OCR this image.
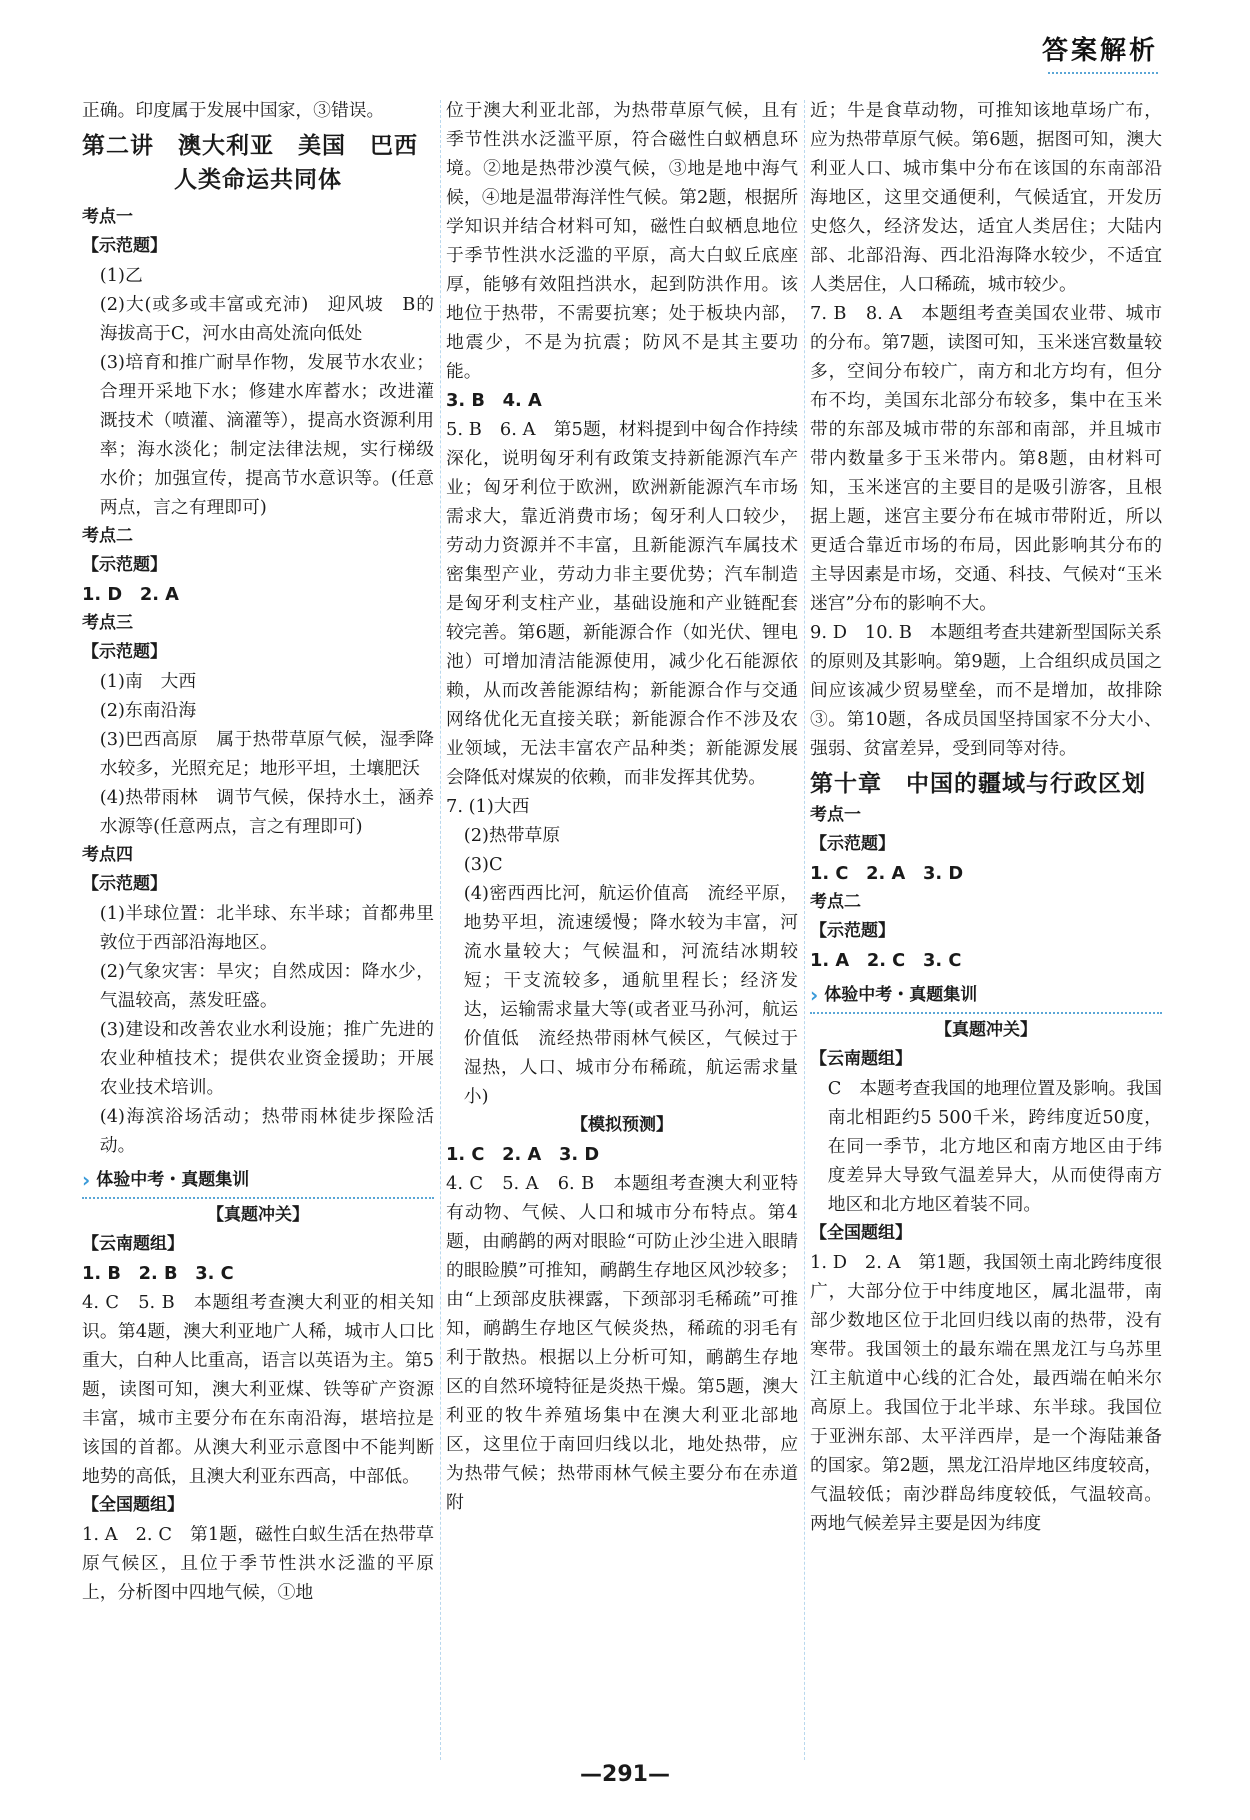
答案解析

正确。印度属于发展中国家，③错误。

第二讲　澳大利亚　美国　巴西

人类命运共同体

考点一

【示范题】

(1)乙

(2)大(或多或丰富或充沛)　迎风坡　B的海拔高于C，河水由高处流向低处

(3)培育和推广耐旱作物，发展节水农业；合理开采地下水；修建水库蓄水；改进灌溉技术（喷灌、滴灌等），提高水资源利用率；海水淡化；制定法律法规，实行梯级水价；加强宣传，提高节水意识等。(任意两点，言之有理即可)

考点二

【示范题】

1. D　2. A

考点三

【示范题】

(1)南　大西

(2)东南沿海

(3)巴西高原　属于热带草原气候，湿季降水较多，光照充足；地形平坦，土壤肥沃

(4)热带雨林　调节气候，保持水土，涵养水源等(任意两点，言之有理即可)

考点四

【示范题】

(1)半球位置：北半球、东半球；首都弗里敦位于西部沿海地区。

(2)气象灾害：旱灾；自然成因：降水少，气温较高，蒸发旺盛。

(3)建设和改善农业水利设施；推广先进的农业种植技术；提供农业资金援助；开展农业技术培训。

(4)海滨浴场活动；热带雨林徒步探险活动。

› 体验中考・真题集训

【真题冲关】

【云南题组】

1. B　2. B　3. C

4. C　5. B　本题组考查澳大利亚的相关知识。第4题，澳大利亚地广人稀，城市人口比重大，白种人比重高，语言以英语为主。第5题，读图可知，澳大利亚煤、铁等矿产资源丰富，城市主要分布在东南沿海，堪培拉是该国的首都。从澳大利亚示意图中不能判断地势的高低，且澳大利亚东西高，中部低。

【全国题组】

1. A　2. C　第1题，磁性白蚁生活在热带草原气候区，且位于季节性洪水泛滥的平原上，分析图中四地气候，①地

位于澳大利亚北部，为热带草原气候，且有季节性洪水泛滥平原，符合磁性白蚁栖息环境。②地是热带沙漠气候，③地是地中海气候，④地是温带海洋性气候。第2题，根据所学知识并结合材料可知，磁性白蚁栖息地位于季节性洪水泛滥的平原，高大白蚁丘底座厚，能够有效阻挡洪水，起到防洪作用。该地位于热带，不需要抗寒；处于板块内部，地震少，不是为抗震；防风不是其主要功能。

3. B　4. A

5. B　6. A　第5题，材料提到中匈合作持续深化，说明匈牙利有政策支持新能源汽车产业；匈牙利位于欧洲，欧洲新能源汽车市场需求大，靠近消费市场；匈牙利人口较少，劳动力资源并不丰富，且新能源汽车属技术密集型产业，劳动力非主要优势；汽车制造是匈牙利支柱产业，基础设施和产业链配套较完善。第6题，新能源合作（如光伏、锂电池）可增加清洁能源使用，减少化石能源依赖，从而改善能源结构；新能源合作与交通网络优化无直接关联；新能源合作不涉及农业领域，无法丰富农产品种类；新能源发展会降低对煤炭的依赖，而非发挥其优势。

7. (1)大西

(2)热带草原

(3)C

(4)密西西比河，航运价值高　流经平原，地势平坦，流速缓慢；降水较为丰富，河流水量较大；气候温和，河流结冰期较短；干支流较多，通航里程长；经济发达，运输需求量大等(或者亚马孙河，航运价值低　流经热带雨林气候区，气候过于湿热，人口、城市分布稀疏，航运需求量小)

【模拟预测】

1. C　2. A　3. D

4. C　5. A　6. B　本题组考查澳大利亚特有动物、气候、人口和城市分布特点。第4题，由鸸鹋的两对眼睑“可防止沙尘进入眼睛的眼睑膜”可推知，鸸鹋生存地区风沙较多；由“上颈部皮肤裸露，下颈部羽毛稀疏”可推知，鸸鹋生存地区气候炎热，稀疏的羽毛有利于散热。根据以上分析可知，鸸鹋生存地区的自然环境特征是炎热干燥。第5题，澳大利亚的牧牛养殖场集中在澳大利亚北部地区，这里位于南回归线以北，地处热带，应为热带气候；热带雨林气候主要分布在赤道附

近；牛是食草动物，可推知该地草场广布，应为热带草原气候。第6题，据图可知，澳大利亚人口、城市集中分布在该国的东南部沿海地区，这里交通便利，气候适宜，开发历史悠久，经济发达，适宜人类居住；大陆内部、北部沿海、西北沿海降水较少，不适宜人类居住，人口稀疏，城市较少。

7. B　8. A　本题组考查美国农业带、城市的分布。第7题，读图可知，玉米迷宫数量较多，空间分布较广，南方和北方均有，但分布不均，美国东北部分布较多，集中在玉米带的东部及城市带的东部和南部，并且城市带内数量多于玉米带内。第8题，由材料可知，玉米迷宫的主要目的是吸引游客，且根据上题，迷宫主要分布在城市带附近，所以更适合靠近市场的布局，因此影响其分布的主导因素是市场，交通、科技、气候对“玉米迷宫”分布的影响不大。

9. D　10. B　本题组考查共建新型国际关系的原则及其影响。第9题，上合组织成员国之间应该减少贸易壁垒，而不是增加，故排除③。第10题，各成员国坚持国家不分大小、强弱、贫富差异，受到同等对待。

第十章　中国的疆域与行政区划

考点一

【示范题】

1. C　2. A　3. D

考点二

【示范题】

1. A　2. C　3. C

› 体验中考・真题集训

【真题冲关】

【云南题组】

C　本题考查我国的地理位置及影响。我国南北相距约5 500千米，跨纬度近50度，在同一季节，北方地区和南方地区由于纬度差异大导致气温差异大，从而使得南方地区和北方地区着装不同。

【全国题组】

1. D　2. A　第1题，我国领土南北跨纬度很广，大部分位于中纬度地区，属北温带，南部少数地区位于北回归线以南的热带，没有寒带。我国领土的最东端在黑龙江与乌苏里江主航道中心线的汇合处，最西端在帕米尔高原上。我国位于北半球、东半球。我国位于亚洲东部、太平洋西岸，是一个海陆兼备的国家。第2题，黑龙江沿岸地区纬度较高，气温较低；南沙群岛纬度较低，气温较高。两地气候差异主要是因为纬度

—291—
